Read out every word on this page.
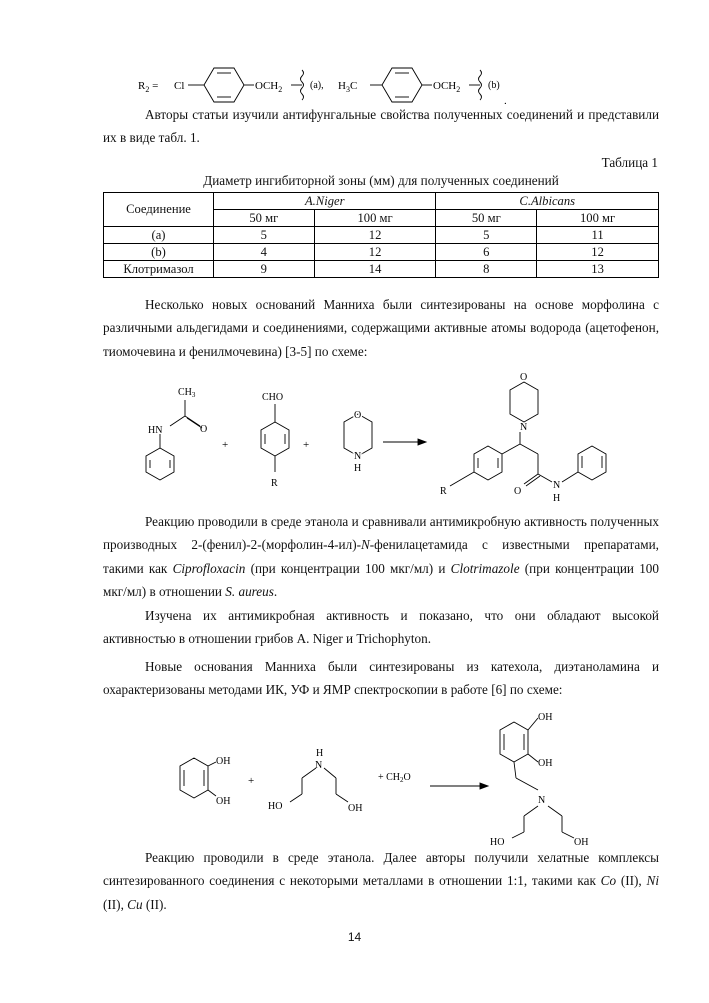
$R_2 = Cl$	$OCH_2$	(a), $H_3C$	$OCH_2$	(b)
.

Авторы статьи изучили антифунгальные свойства полученных соединений и представили их в виде табл. 1.

Таблица 1
Диаметр ингибиторной зоны (мм) для полученных соединений
Соединение	A.Niger		C.Albicans	
	50 мг	100 мг	50 мг	100 мг
(a)	5	12	5	11
(b)	4	12	6	12
Клотримазол	9	14	8	13

Несколько новых оснований Манниха были синтезированы на основе морфолина с различными альдегидами и соединениями, содержащими активные атомы водорода (ацетофенон, тиомочевина и фенилмочевина) [3-5] по схеме:

$CH_3$
HN	O
+
CHO
R
+
O
N
H
O
N
R	O
N
H

Реакцию проводили в среде этанола и сравнивали антимикробную активность полученных производных 2-(фенил)-2-(морфолин-4-ил)-N-фенилацетамида с известными препаратами, такими как Ciprofloxacin (при концентрации 100 мкг/мл) и Clotrimazole (при концентрации 100 мкг/мл) в отношении S. aureus.

Изучена их антимикробная активность и показано, что они обладают высокой активностью в отношении грибов A. Niger и Trichophyton.

Новые основания Манниха были синтезированы из катехола, диэтаноламина и охарактеризованы методами ИК, УФ и ЯМР спектроскопии в работе [6] по схеме:

OH
OH
+
H
N
HO	OH
+ $CH_2O$
OH
OH
N
HO	OH

Реакцию проводили в среде этанола. Далее авторы получили хелатные комплексы синтезированного соединения с некоторыми металлами в отношении 1:1, такими как Co (II), Ni (II), Cu (II).

14
